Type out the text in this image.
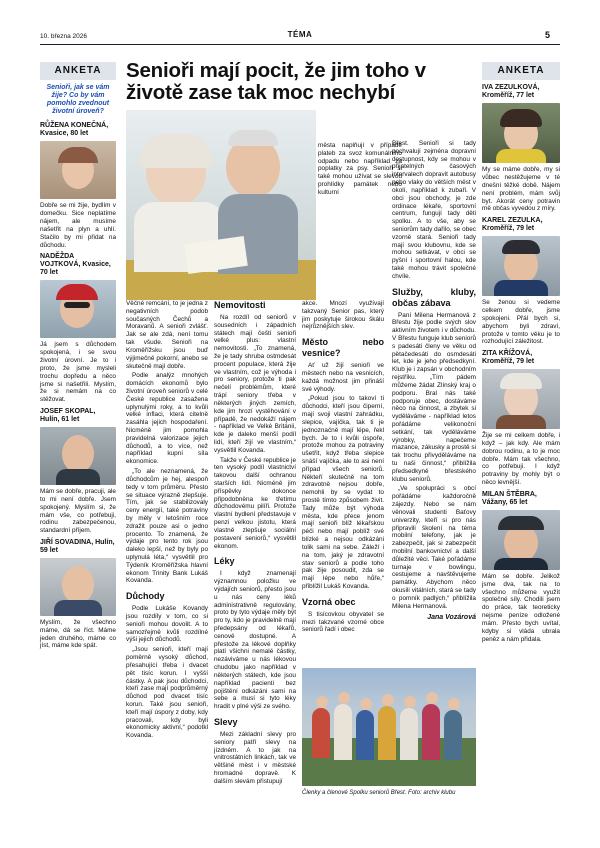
10. března 2026	TÉMA	5
ANKETA
Senioři, jak se vám žije? Co by vám pomohlo zvednout životní úroveň?
RŮŽENA KONEČNÁ, Kvasice, 80 let
Dobře se mi žije, bydlím v domečku. Sice neplatíme nájem, ale musíme našetřit na plyn a uhlí. Stačilo by mi přidat na důchodu.
NADĚŽDA VOJTKOVÁ, Kvasice, 70 let
Já jsem s důchodem spokojená, i se svou životní úrovní. Je to i proto, že jsme mysleli trochu dopředu a něco jsme si našetřili. Myslím, že si nemám na co stěžovat.
JOSEF SKOPAL, Hulín, 61 let
Mám se dobře, pracuji, ale to mi není dobře. Jsem spokojený. Myslím si, že mám vše, co potřebuji, rodinu zabezpečenou, standardní příjem.
JIŘÍ SOVADINA, Hulín, 59 let
Myslím, že všechno máme, dá se říct. Máme jeden druhého, máme co jíst, máme kde spát.
Senioři mají pocit, že jim toho v životě zase tak moc nechybí

města naplňují v případě plateb za svoz komunálního odpadu nebo například za poplatky za psy. Senioři si také mohou užívat se slevou prohlídky památek nebo kulturní

Věčné remcání, to je jedna z negativních podob současných Čechů a Moravanů. A senioři zvlášť. Jak se ale zdá, není tomu tak všude. Senioři na Kroměřížsku jsou buď výjimečně pokorní, anebo se skutečně mají dobře.

Podle analýz mnohých domácích ekonomů bylo životní úroveň seniorů v celé České republice zasažena uplynulými roky, a to kvůli velké inflaci, která citelně zasáhla jejich hospodaření. Nicméně jim pomohla pravidelná valorizace jejich důchodů, a to více, než například kupní síla ekonomice.

„To ale neznamená, že důchodcům je hej, alespoň tedy v tom průměru. Přesto se situace výrazně zlepšuje. Tím, jak se stabilizovaly ceny energií, také potraviny by měly v letošním roce zdražit pouze asi o jedno procento. To znamená, že výdaje pro tento rok jsou daleko lepší, než by byly po uplynulá léta,“ vysvětlil pro Týdeník Kroměřížska hlavní ekonom Trinity Bank Lukáš Kovanda.

Důchody

Podle Lukáše Kovandy jsou rozdíly v tom, co si senioři mohou dovolit. A to samozřejmě kvůli rozdílné výši jejich důchodů.

„Jsou senioři, kteří mají poměrně vysoký důchod, přesahující třeba i dvacet pět tisíc korun. I vyšší částky. A pak jsou důchodci, kteří zase mají podprůměrný důchod pod dvacet tisíc korun. Také jsou senioři, kteří mají úspory z doby, kdy pracovali, kdy byli ekonomicky aktivní,“ podotkl Kovanda.

Nemovitosti

Na rozdíl od seniorů v sousedních i západních státech mají čeští senioři velké plus: vlastní nemovitosti. „To znamená, že je tady shruba ostmdesát procent populace, která žije ve vlastním, což je výhoda i pro seniory, protože ti pak nečelí problémům, které trápí seniory třeba v některých jiných zemích, kde jim hrozí vystěhování v případě, že nedokáží nájem - například ve Velké Británii, kde je daleko menší podíl lidí, kteří žijí ve vlastním,“ vysvětlil Kovanda.

Takže v České republice je ten vysoký podíl vlastnictví takovou další ochranou starších lidí. Nicméně jim příspěvky dokonce připodobněna ke třetímu důchodovému pilíři. Protože vlastní bydlení představuje v penzi velkou jistotu, která vlastně zlepšuje sociální postavení seniorů,“ vysvětlil ekonom.

Léky

I když znamenají významnou položku ve výdajích seniorů, přesto jsou u nás ceny léků administrativně regulovány, proto by tyto výdaje měly být pro ty, kdo je pravidelně mají předepsány od lékařů, cenově dostupné. A přestože za lékové doplňky platí všichni nemalé částky, nezáviváme u nás lékovou chudobu jako například v některých státech, kde jsou například pacienti bez pojištění odkázáni sami na sebe a musí si tyto léky hradit v plné výši ze svého.

Slevy

Mezi základní slevy pro seniory patří slevy na jízdném. A to jak na vnitrostátních linkách, tak ve většině měst i v městské hromadné dopravě. K dalším slevám přistupují

akce. Mnozí využívají takzvaný Senior pas, který jim poskytuje širokou škálu nejrůznějších slev.

Město nebo vesnice?

Ať už žijí senioři ve městech nebo na vesnicích, každá možnost jim přináší své výhody.

„Pokud jsou to takoví ti důchodci, kteří jsou čiperní, mají svoji vlastní zahrádku, slepice, vajíčka, tak ti je jednoznačně mají lépe, řekl bych. Je to i kvůli úspoře, protože mohou za potraviny ušetřit, když třeba slepice snáší vajíčka, ale to asi není případ všech seniorů. Někteří skutečně na tom zdravotně nejsou dobře, nemohli by se vydat to prostě tímto způsobem živit. Tady může být výhoda města, kde přece jenom mají senioři blíž lékařskou péči nebo mají poblíž své blízké a nejsou odkázáni tolik sami na sebe. Záleží i na tom, jaký je zdravotní stav seniorů a podle toho pak žije posoudit, zda se mají lépe nebo hůře,“ přiblížil Lukáš Kovanda.

Vzorná obec

S tisícovkou obyvatel se mezi takzvané vzorné obce seniorů řadí i obec

Břest. Senioři si tady pochvalují zejména dopravní dostupnost, kdy se mohou v přijatelných časových intervalech dopravit autobusy nebo vlaky do větších měst v okolí, například k zubaři. V obci jsou obchody, je zde ordinace lékaře, sportovní centrum, fungují tady děti spolku. A to vše, aby se seniorům tady dařilo, se obec vzorně stará. Senioři tady mají svou klubovnu, kde se mohou setkávat, v obci se pyšní i sportovní halou, kde také mohou trávit společné chvíle.

Služby, kluby, občas zábava

Paní Milena Hermanová z Břestu žije podle svých slov aktivním životem i v důchodu. V Břestu funguje klub seniorů s padesáti členy ve věku od pětačedesáti do osmdesáti let, kde je jeho předsedkyní. Klub je i zapsán v obchodním rejstříku. „Tím pádem můžeme žádat Zlínský kraj o podporu. Bral nás také podporuje obec, dostáváme něco na činnost, a zbytek si vyděláváme - například letos pořádáme velikonoční setkání, tak vyděláváme výrobky, napečeme mazance, zákusky a prostě si tak trochu přivyděláváme na tu naši činnost,“ přiblížila předsedkyně břestského klubu seniorů.

„Ve spolupráci s obcí pořádáme každoročně zájezdy. Nebo se nám věnovali studenti Baťovy univerzity, kteří si pro nás připravili školení na téma mobilní telefony, jak je zabezpečit, jak si zabezpečit mobilní bankovnictví a další důležité věci. Také pořádáme turnaje v bowlingu, cestujeme a navštěvujeme památky. Abychom něco okusili vitálních, stará se tady o pomník padlých,“ přiblížila Milena Hermanová.

Jana Vozárová
Členky a členové Spolku seniorů Břest. Foto: archiv klubu
ANKETA
IVA ZEZULKOVÁ, Kroměříž, 77 let
My se máme dobře, my si vůbec nestěžujeme v té dnešní těžké době. Nájem není problém, mám svůj byt. Akorát ceny potravin mě občas vyvedou z míry.
KAREL ZEZULKA, Kroměříž, 79 let
Se ženou si vedeme celkem dobře, jsme spokojeni. Přál bych si, abychom byli zdraví, protože v tomto věku je to rozhodující záležitost.
ZITA KŘÍŽOVÁ, Kroměříž, 79 let
Žije se mi celkem dobře, i když – jak kdy. Ale mám dobrou rodinu, a to je moc dobře. Mám tak všechno, co potřebuji. I když potraviny by mohly být o něco levnější.
MILAN ŠTĚBRA, Vážany, 65 let
Mám se dobře. Jelikož jsme dva, tak na to všechno můžeme využít společné síly. Chodili jsem do práce, tak teoreticky nejsme peníze odložené mám. Přesto bych uvítal, kdyby si vláda ubrala peněz a nám přidala.
